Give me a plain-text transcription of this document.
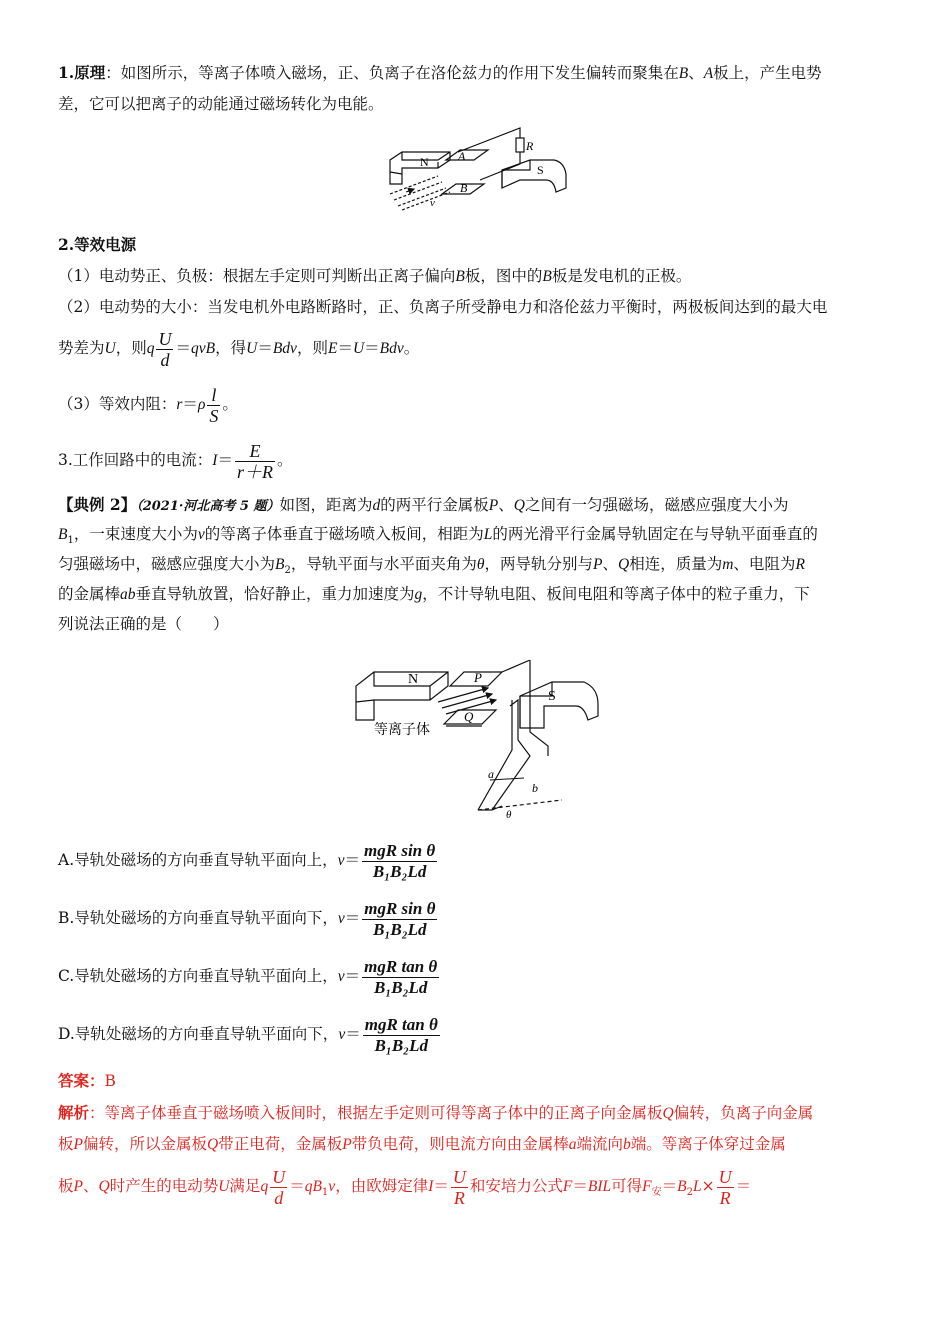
1.原理：如图所示，等离子体喷入磁场，正、负离子在洛伦兹力的作用下发生偏转而聚集在B、A板上，产生电势
差，它可以把离子的动能通过磁场转化为电能。
N A
B
S
R
v
2.等效电源
（1）电动势正、负极：根据左手定则可判断出正离子偏向B板，图中的B板是发电机的正极。
（2）电动势的大小：当发电机外电路断路时，正、负离子所受静电力和洛伦兹力平衡时，两极板间达到的最大电
势差为U，则q $\frac{U}{d} =qvB$，得U＝Bdv，则E＝U＝Bdv。
（3）等效内阻：$r=\rho \frac{l}{S}$ 。
3.工作回路中的电流：$I= \frac{E}{r+R}$ 。
【典例 2】（2021·河北高考 5 题）如图，距离为d的两平行金属板P、Q之间有一匀强磁场，磁感应强度大小为
$B_1$，一束速度大小为v的等离子体垂直于磁场喷入板间，相距为L的两光滑平行金属导轨固定在与导轨平面垂直的
匀强磁场中，磁感应强度大小为$B_2$，导轨平面与水平面夹角为θ，两导轨分别与P、Q相连，质量为m、电阻为R
的金属棒ab垂直导轨放置，恰好静止，重力加速度为g，不计导轨电阻、板间电阻和等离子体中的粒子重力，下
列说法正确的是（　　）
N	P
Q
S
等离子体
a
b
θ
A.导轨处磁场的方向垂直导轨平面向上，$v= \frac{\text{mgR sin θ}}{\text{B₁B₂Ld}}$
B.导轨处磁场的方向垂直导轨平面向下，$v= \frac{\text{mgR sin θ}}{\text{B₁B₂Ld}}$
C.导轨处磁场的方向垂直导轨平面向上，$v= \frac{\text{mgR tan θ}}{\text{B₁B₂Ld}}$
D.导轨处磁场的方向垂直导轨平面向下，$v= \frac{\text{mgR tan θ}}{\text{B₁B₂Ld}}$
答案：B
解析：等离子体垂直于磁场喷入板间时，根据左手定则可得等离子体中的正离子向金属板Q偏转，负离子向金属
板P偏转，所以金属板Q带正电荷，金属板P带负电荷，则电流方向由金属棒a端流向b端。等离子体穿过金属
板P、Q时产生的电动势U满足q $\frac{U}{d} =qB_1v$，由欧姆定律$I= \frac{U}{R}$ 和安培力公式F＝BIL可得$F_安=B_2L\times \frac{U}{R}$ ＝
